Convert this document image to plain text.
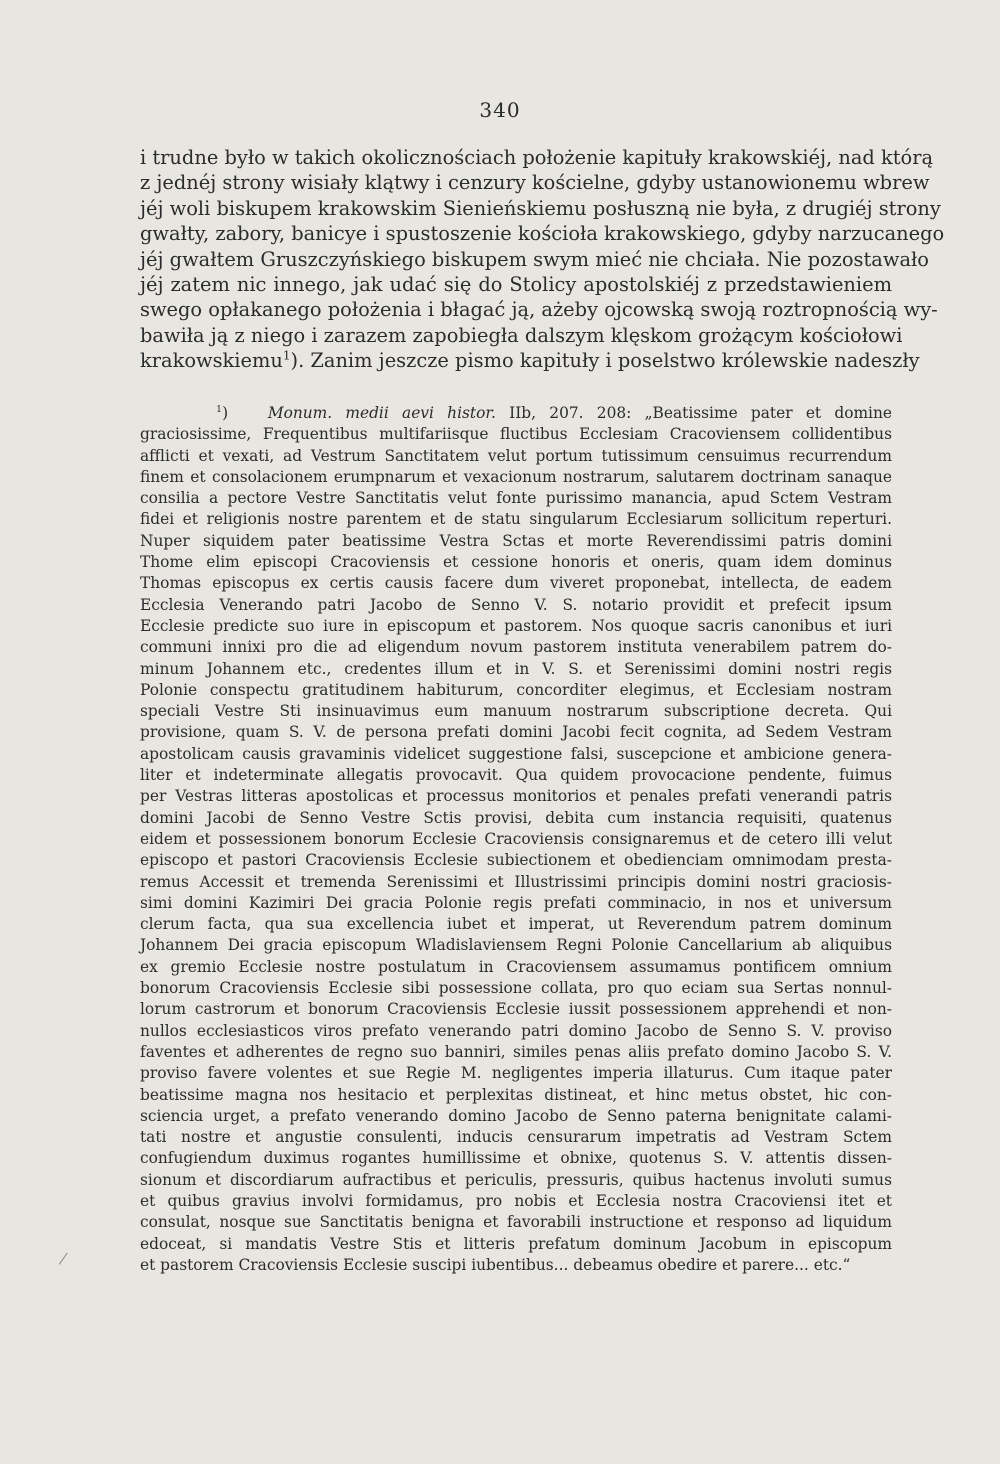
340
i trudne było w takich okolicznościach położenie kapituły krakowskiéj, nad którą
z jednéj strony wisiały klątwy i cenzury kościelne, gdyby ustanowionemu wbrew
jéj woli biskupem krakowskim Sienieńskiemu posłuszną nie była, z drugiéj strony
gwałty, zabory, banicye i spustoszenie kościoła krakowskiego, gdyby narzucanego
jéj gwałtem Gruszczyńskiego biskupem swym mieć nie chciała. Nie pozostawało
jéj zatem nic innego, jak udać się do Stolicy apostolskiéj z przedstawieniem
swego opłakanego położenia i błagać ją, ażeby ojcowską swoją roztropnością wy-
bawiła ją z niego i zarazem zapobiegła dalszym klęskom grożącym kościołowi
krakowskiemu$^1$). Zanim jeszcze pismo kapituły i poselstwo królewskie nadeszły
$^1$)	Monum. medii aevi histor. IIb, 207. 208: „Beatissime pater et domine
graciosissime, Frequentibus multifariisque fluctibus Ecclesiam Cracoviensem collidentibus
afflicti et vexati, ad Vestrum Sanctitatem velut portum tutissimum censuimus recurrendum
finem et consolacionem erumpnarum et vexacionum nostrarum, salutarem doctrinam sanaque
consilia a pectore Vestre Sanctitatis velut fonte purissimo manancia, apud Sctem Vestram
fidei et religionis nostre parentem et de statu singularum Ecclesiarum sollicitum reperturi.
Nuper siquidem pater beatissime Vestra Sctas et morte Reverendissimi patris domini
Thome elim episcopi Cracoviensis et cessione honoris et oneris, quam idem dominus
Thomas episcopus ex certis causis facere dum viveret proponebat, intellecta, de eadem
Ecclesia Venerando patri Jacobo de Senno V. S. notario providit et prefecit ipsum
Ecclesie predicte suo iure in episcopum et pastorem. Nos quoque sacris canonibus et iuri
communi innixi pro die ad eligendum novum pastorem instituta venerabilem patrem do-
minum Johannem etc., credentes illum et in V. S. et Serenissimi domini nostri regis
Polonie conspectu gratitudinem habiturum, concorditer elegimus, et Ecclesiam nostram
speciali Vestre Sti insinuavimus eum manuum nostrarum subscriptione decreta. Qui
provisione, quam S. V. de persona prefati domini Jacobi fecit cognita, ad Sedem Vestram
apostolicam causis gravaminis videlicet suggestione falsi, suscepcione et ambicione genera-
liter et indeterminate allegatis provocavit. Qua quidem provocacione pendente, fuimus
per Vestras litteras apostolicas et processus monitorios et penales prefati venerandi patris
domini Jacobi de Senno Vestre Sctis provisi, debita cum instancia requisiti, quatenus
eidem et possessionem bonorum Ecclesie Cracoviensis consignaremus et de cetero illi velut
episcopo et pastori Cracoviensis Ecclesie subiectionem et obedienciam omnimodam presta-
remus Accessit et tremenda Serenissimi et Illustrissimi principis domini nostri graciosis-
simi domini Kazimiri Dei gracia Polonie regis prefati comminacio, in nos et universum
clerum facta, qua sua excellencia iubet et imperat, ut Reverendum patrem dominum
Johannem Dei gracia episcopum Wladislaviensem Regni Polonie Cancellarium ab aliquibus
ex gremio Ecclesie nostre postulatum in Cracoviensem assumamus pontificem omnium
bonorum Cracoviensis Ecclesie sibi possessione collata, pro quo eciam sua Sertas nonnul-
lorum castrorum et bonorum Cracoviensis Ecclesie iussit possessionem apprehendi et non-
nullos ecclesiasticos viros prefato venerando patri domino Jacobo de Senno S. V. proviso
faventes et adherentes de regno suo banniri, similes penas aliis prefato domino Jacobo S. V.
proviso favere volentes et sue Regie M. negligentes imperia illaturus. Cum itaque pater
beatissime magna nos hesitacio et perplexitas distineat, et hinc metus obstet, hic con-
sciencia urget, a prefato venerando domino Jacobo de Senno paterna benignitate calami-
tati nostre et angustie consulenti, inducis censurarum impetratis ad Vestram Sctem
confugiendum duximus rogantes humillissime et obnixe, quotenus S. V. attentis dissen-
sionum et discordiarum aufractibus et periculis, pressuris, quibus hactenus involuti sumus
et quibus gravius involvi formidamus, pro nobis et Ecclesia nostra Cracoviensi itet et
consulat, nosque sue Sanctitatis benigna et favorabili instructione et responso ad liquidum
edoceat, si mandatis Vestre Stis et litteris prefatum dominum Jacobum in episcopum
et pastorem Cracoviensis Ecclesie suscipi iubentibus... debeamus obedire et parere... etc.“
